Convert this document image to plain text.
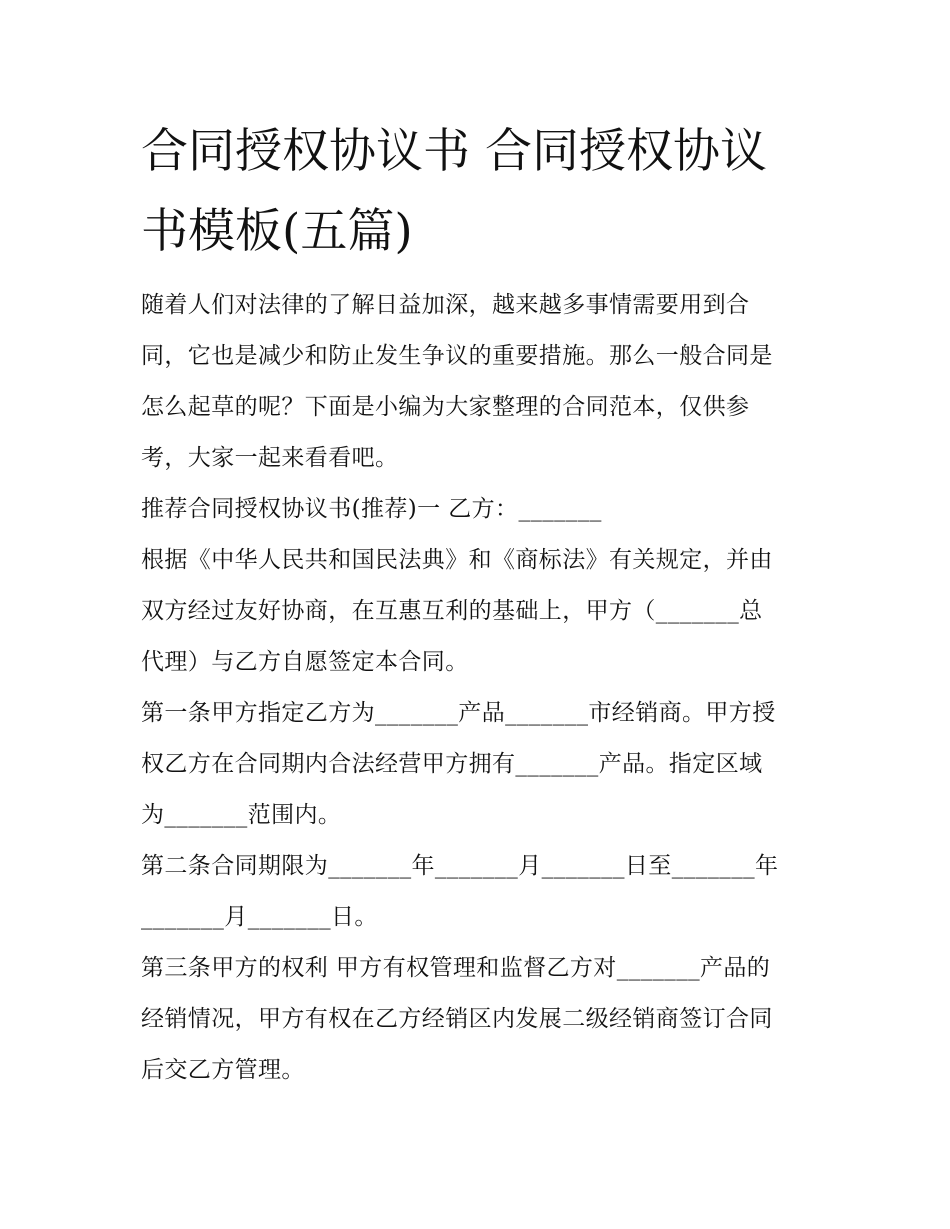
合同授权协议书 合同授权协议
书模板(五篇)

随着人们对法律的了解日益加深，越来越多事情需要用到合
同，它也是减少和防止发生争议的重要措施。那么一般合同是
怎么起草的呢？下面是小编为大家整理的合同范本，仅供参
考，大家一起来看看吧。

推荐合同授权协议书(推荐)一 乙方：_______

根据《中华人民共和国民法典》和《商标法》有关规定，并由
双方经过友好协商，在互惠互利的基础上，甲方（_______总
代理）与乙方自愿签定本合同。

第一条甲方指定乙方为_______产品_______市经销商。甲方授
权乙方在合同期内合法经营甲方拥有_______产品。指定区域
为_______范围内。

第二条合同期限为_______年_______月_______日至_______年
_______月_______日。

第三条甲方的权利 甲方有权管理和监督乙方对_______产品的
经销情况，甲方有权在乙方经销区内发展二级经销商签订合同
后交乙方管理。
